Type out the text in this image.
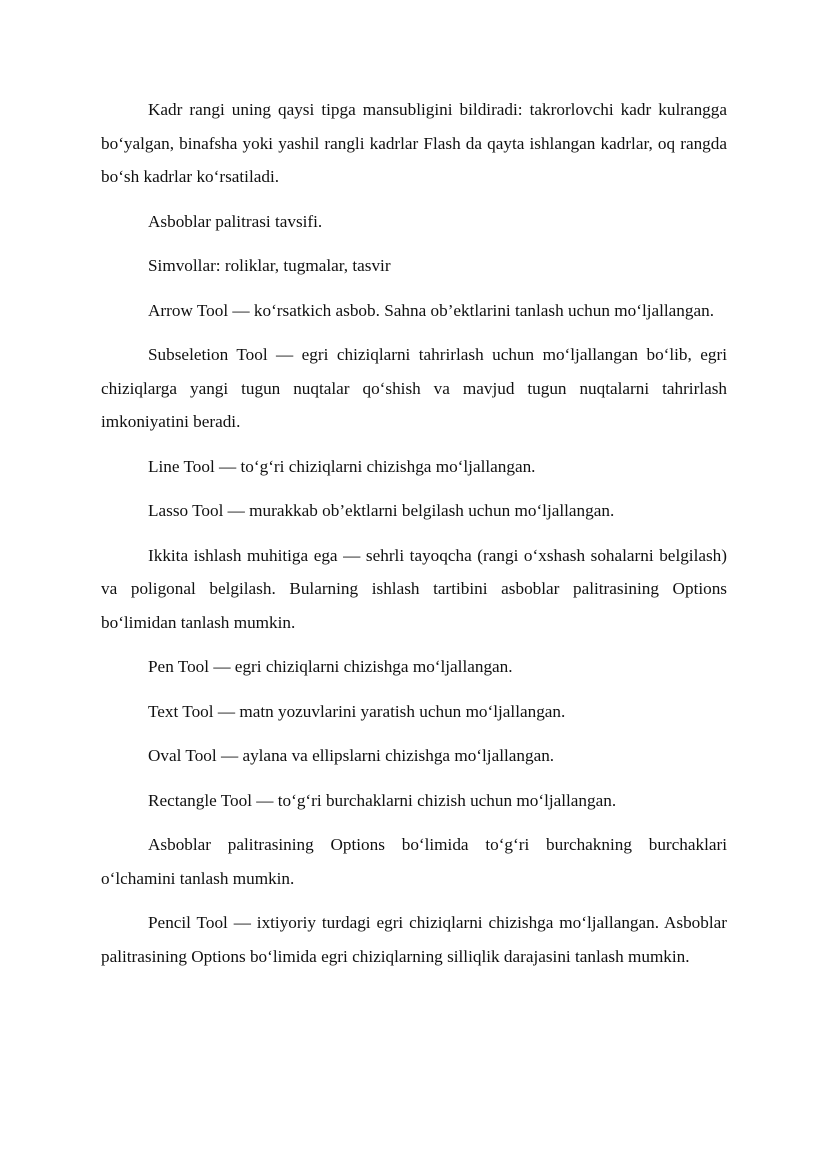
Kadr rangi uning qaysi tipga mansubligini bildiradi: takrorlovchi kadr kulrangga bo‘yalgan, binafsha yoki yashil rangli kadrlar Flash da qayta ishlangan kadrlar, oq rangda bo‘sh kadrlar ko‘rsatiladi.

Asboblar palitrasi tavsifi.

Simvollar: roliklar, tugmalar, tasvir

Arrow Tool — ko‘rsatkich asbob. Sahna ob’ektlarini tanlash uchun mo‘ljallangan.

Subseletion Tool — egri chiziqlarni tahrirlash uchun mo‘ljallangan bo‘lib, egri chiziqlarga yangi tugun nuqtalar qo‘shish va mavjud tugun nuqtalarni tahrirlash imkoniyatini beradi.

Line Tool — to‘g‘ri chiziqlarni chizishga mo‘ljallangan.

Lasso Tool — murakkab ob’ektlarni belgilash uchun mo‘ljallangan.

Ikkita ishlash muhitiga ega — sehrli tayoqcha (rangi o‘xshash sohalarni belgilash) va poligonal belgilash. Bularning ishlash tartibini asboblar palitrasining Options bo‘limidan tanlash mumkin.

Pen Tool — egri chiziqlarni chizishga mo‘ljallangan.

Text Tool — matn yozuvlarini yaratish uchun mo‘ljallangan.

Oval Tool — aylana va ellipslarni chizishga mo‘ljallangan.

Rectangle Tool — to‘g‘ri burchaklarni chizish uchun mo‘ljallangan.

Asboblar palitrasining Options bo‘limida to‘g‘ri burchakning burchaklari o‘lchamini tanlash mumkin.

Pencil Tool — ixtiyoriy turdagi egri chiziqlarni chizishga mo‘ljallangan. Asboblar palitrasining Options bo‘limida egri chiziqlarning silliqlik darajasini tanlash mumkin.
